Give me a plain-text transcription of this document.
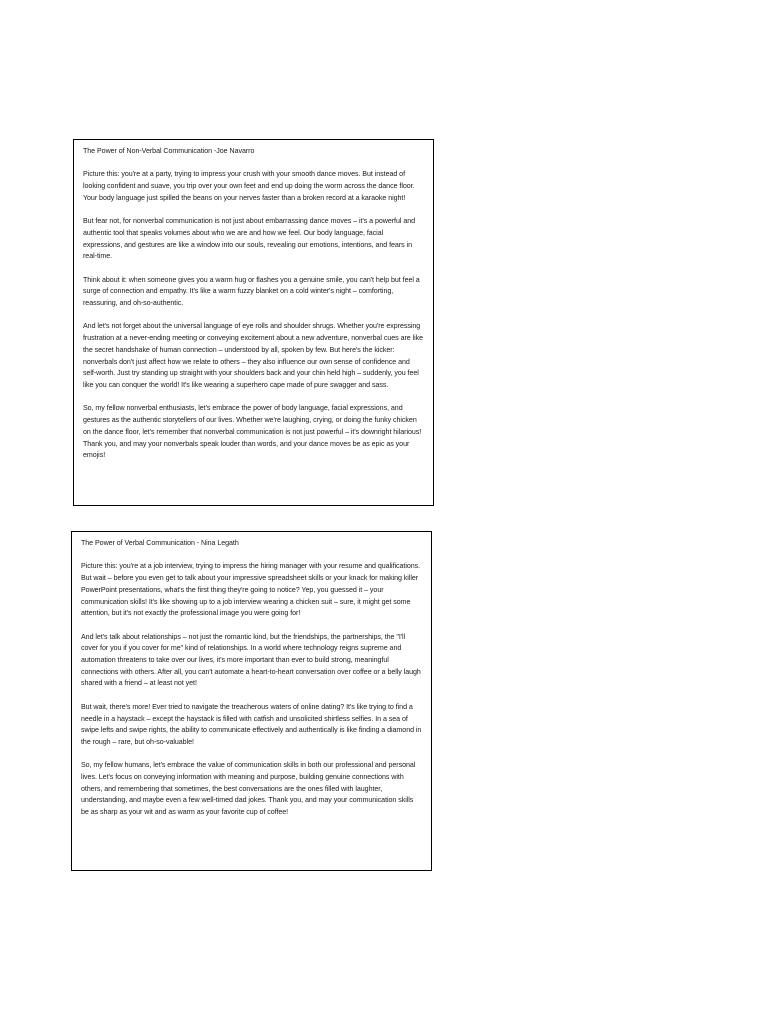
The Power of Non-Verbal Communication -Joe Navarro

Picture this: you're at a party, trying to impress your crush with your smooth dance moves. But instead of looking confident and suave, you trip over your own feet and end up doing the worm across the dance floor. Your body language just spilled the beans on your nerves faster than a broken record at a karaoke night!

But fear not, for nonverbal communication is not just about embarrassing dance moves – it's a powerful and authentic tool that speaks volumes about who we are and how we feel. Our body language, facial expressions, and gestures are like a window into our souls, revealing our emotions, intentions, and fears in real-time.

Think about it: when someone gives you a warm hug or flashes you a genuine smile, you can't help but feel a surge of connection and empathy. It's like a warm fuzzy blanket on a cold winter's night – comforting, reassuring, and oh-so-authentic.

And let's not forget about the universal language of eye rolls and shoulder shrugs. Whether you're expressing frustration at a never-ending meeting or conveying excitement about a new adventure, nonverbal cues are like the secret handshake of human connection – understood by all, spoken by few. But here's the kicker: nonverbals don't just affect how we relate to others – they also influence our own sense of confidence and self-worth. Just try standing up straight with your shoulders back and your chin held high – suddenly, you feel like you can conquer the world! It's like wearing a superhero cape made of pure swagger and sass.

So, my fellow nonverbal enthusiasts, let's embrace the power of body language, facial expressions, and gestures as the authentic storytellers of our lives. Whether we're laughing, crying, or doing the funky chicken on the dance floor, let's remember that nonverbal communication is not just powerful – it's downright hilarious! Thank you, and may your nonverbals speak louder than words, and your dance moves be as epic as your emojis!

The Power of Verbal Communication - Nina Legath

Picture this: you're at a job interview, trying to impress the hiring manager with your resume and qualifications. But wait – before you even get to talk about your impressive spreadsheet skills or your knack for making killer PowerPoint presentations, what's the first thing they're going to notice? Yep, you guessed it – your communication skills! It's like showing up to a job interview wearing a chicken suit – sure, it might get some attention, but it's not exactly the professional image you were going for!

And let's talk about relationships – not just the romantic kind, but the friendships, the partnerships, the "I'll cover for you if you cover for me" kind of relationships. In a world where technology reigns supreme and automation threatens to take over our lives, it's more important than ever to build strong, meaningful connections with others. After all, you can't automate a heart-to-heart conversation over coffee or a belly laugh shared with a friend – at least not yet!

But wait, there's more! Ever tried to navigate the treacherous waters of online dating? It's like trying to find a needle in a haystack – except the haystack is filled with catfish and unsolicited shirtless selfies. In a sea of swipe lefts and swipe rights, the ability to communicate effectively and authentically is like finding a diamond in the rough – rare, but oh-so-valuable!

So, my fellow humans, let's embrace the value of communication skills in both our professional and personal lives. Let's focus on conveying information with meaning and purpose, building genuine connections with others, and remembering that sometimes, the best conversations are the ones filled with laughter, understanding, and maybe even a few well-timed dad jokes. Thank you, and may your communication skills be as sharp as your wit and as warm as your favorite cup of coffee!
